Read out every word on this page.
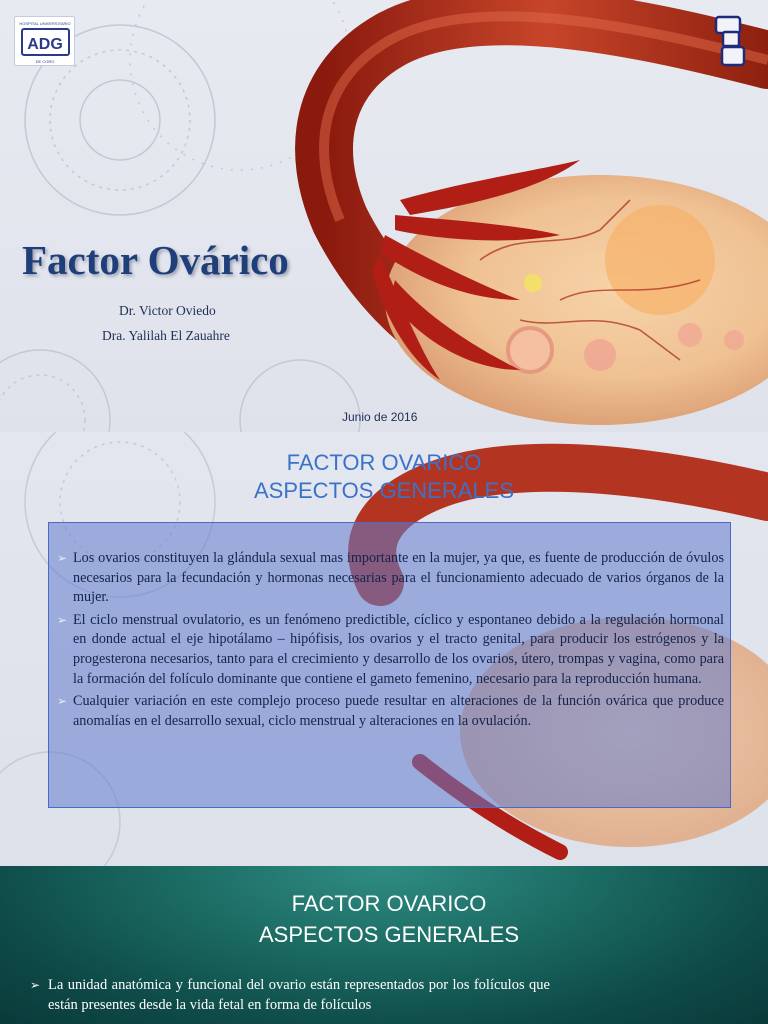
HOSPITAL UNIVERSITARIO
ADG
DE CORO
Factor Ovárico
Dr. Victor Oviedo
Dra. Yalilah El Zauahre
Junio de 2016
FACTOR OVARICO
ASPECTOS GENERALES
➢ Los ovarios constituyen la glándula sexual mas importante en la mujer, ya que, es fuente de producción de óvulos necesarios para la fecundación y hormonas necesarias para el funcionamiento adecuado de varios órganos de la mujer.
➢ El ciclo menstrual ovulatorio, es un fenómeno predictible, cíclico y espontaneo debido a la regulación hormonal en donde actual el eje hipotálamo – hipófisis, los ovarios y el tracto genital, para producir los estrógenos y la progesterona necesarios, tanto para el crecimiento y desarrollo de los ovarios, útero, trompas y vagina, como para la formación del folículo dominante que contiene el gameto femenino, necesario para la reproducción humana.
➢ Cualquier variación en este complejo proceso puede resultar en alteraciones de la función ovárica que produce anomalías en el desarrollo sexual, ciclo menstrual y alteraciones en la ovulación.
FACTOR OVARICO
ASPECTOS GENERALES
➢ La unidad anatómica y funcional del ovario están representados por los folículos que están presentes desde la vida fetal en forma de folículos
